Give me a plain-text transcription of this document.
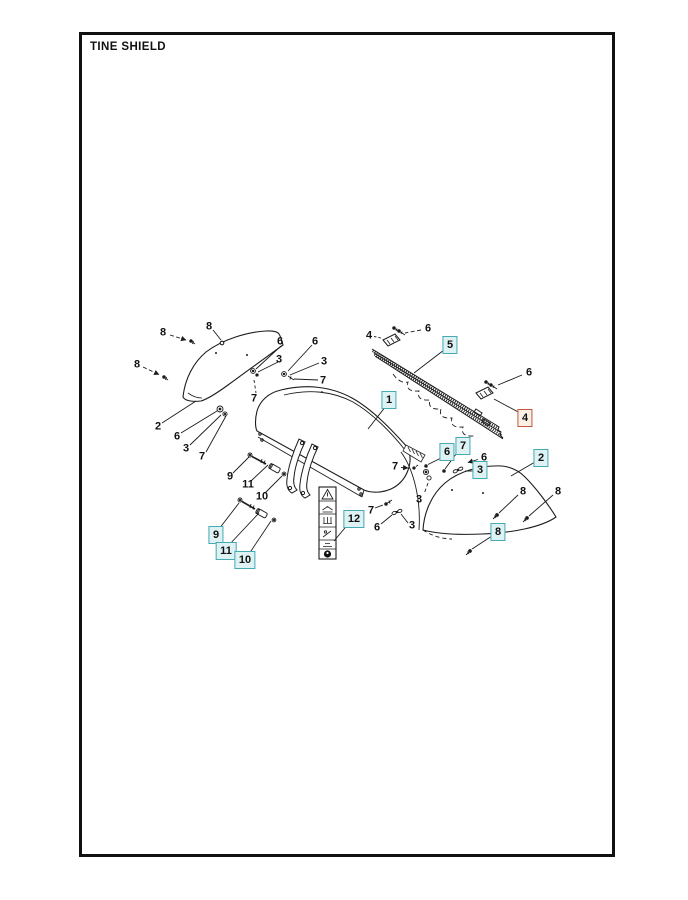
TINE SHIELD
8	8
8
6
3
6
3
7
7
2
6
3
7
9
11
10
4
6
5
6
4
1
7
6 7
3
6	2
3
7
6	3
8	8
8
9
11
10
12
